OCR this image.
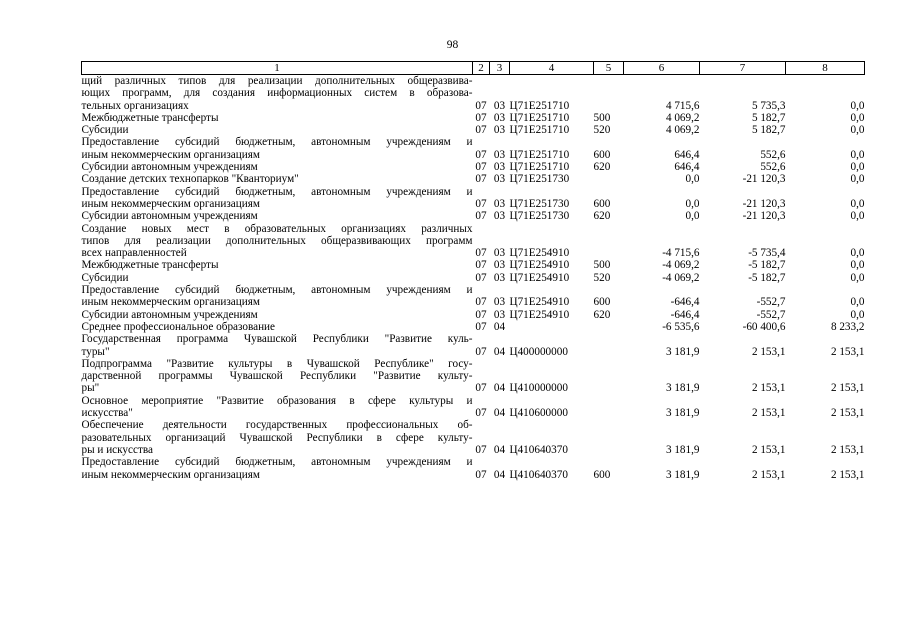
98
1	2	3	4	5	6	7	8

щий различных типов для реализации дополнительных общеразвива-
ющих программ, для создания информационных систем в образова-
тельных организациях	07	03	Ц71Е251710		4 715,6	5 735,3	0,0

Межбюджетные трансферты	07	03	Ц71Е251710	500	4 069,2	5 182,7	0,0

Субсидии	07	03	Ц71Е251710	520	4 069,2	5 182,7	0,0

Предоставление субсидий бюджетным, автономным учреждениям и
иным некоммерческим организациям	07	03	Ц71Е251710	600	646,4	552,6	0,0

Субсидии автономным учреждениям	07	03	Ц71Е251710	620	646,4	552,6	0,0

Создание детских технопарков "Кванториум"	07	03	Ц71Е251730		0,0	-21 120,3	0,0

Предоставление субсидий бюджетным, автономным учреждениям и
иным некоммерческим организациям	07	03	Ц71Е251730	600	0,0	-21 120,3	0,0

Субсидии автономным учреждениям	07	03	Ц71Е251730	620	0,0	-21 120,3	0,0

Создание новых мест в образовательных организациях различных
типов для реализации дополнительных общеразвивающих программ
всех направленностей	07	03	Ц71Е254910		-4 715,6	-5 735,4	0,0

Межбюджетные трансферты	07	03	Ц71Е254910	500	-4 069,2	-5 182,7	0,0

Субсидии	07	03	Ц71Е254910	520	-4 069,2	-5 182,7	0,0

Предоставление субсидий бюджетным, автономным учреждениям и
иным некоммерческим организациям	07	03	Ц71Е254910	600	-646,4	-552,7	0,0

Субсидии автономным учреждениям	07	03	Ц71Е254910	620	-646,4	-552,7	0,0

Среднее профессиональное образование	07	04			-6 535,6	-60 400,6	8 233,2

Государственная программа Чувашской Республики "Развитие куль-
туры"	07	04	Ц400000000		3 181,9	2 153,1	2 153,1

Подпрограмма "Развитие культуры в Чувашской Республике" госу-
дарственной программы Чувашской Республики "Развитие культу-
ры"	07	04	Ц410000000		3 181,9	2 153,1	2 153,1

Основное мероприятие "Развитие образования в сфере культуры и
искусства"	07	04	Ц410600000		3 181,9	2 153,1	2 153,1

Обеспечение деятельности государственных профессиональных об-
разовательных организаций Чувашской Республики в сфере культу-
ры и искусства	07	04	Ц410640370		3 181,9	2 153,1	2 153,1

Предоставление субсидий бюджетным, автономным учреждениям и
иным некоммерческим организациям	07	04	Ц410640370	600	3 181,9	2 153,1	2 153,1
